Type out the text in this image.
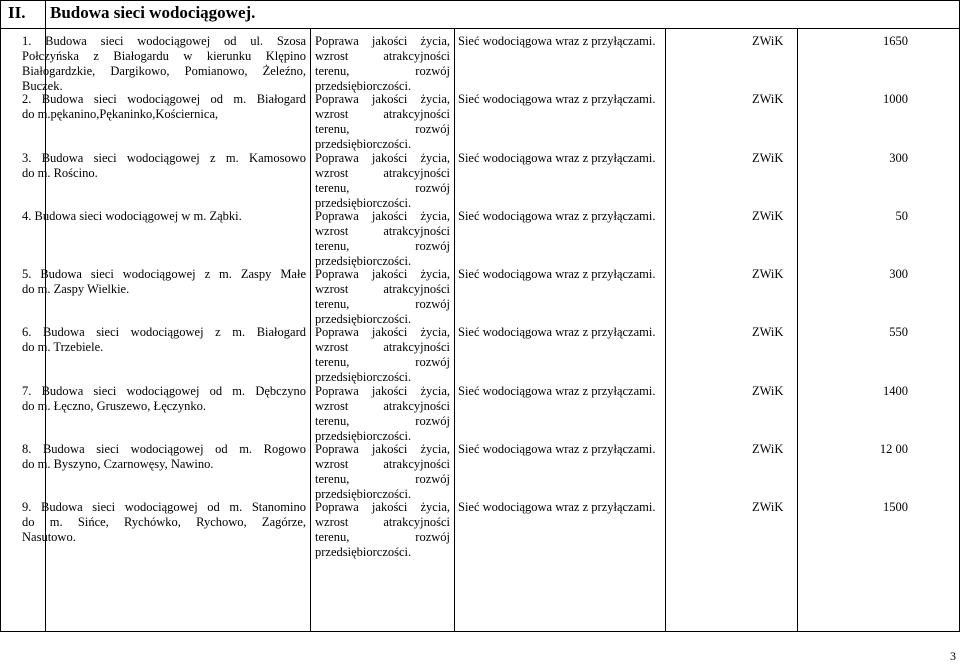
II. Budowa sieci wodociągowej.
1. Budowa sieci wodociągowej od ul. Szosa
Połczyńska z Białogardu w kierunku Klępino
Białogardzkie, Dargikowo, Pomianowo, Żeleźno,
Buczek.
Poprawa jakości życia,
wzrost atrakcyjności
terenu, rozwój
przedsiębiorczości.
Sieć wodociągowa wraz z przyłączami.	ZWiK	1650
2. Budowa sieci wodociągowej od m. Białogard
do m.pękanino,Pękaninko,Kościernica,
Poprawa jakości życia,
wzrost atrakcyjności
terenu, rozwój
przedsiębiorczości.
Sieć wodociągowa wraz z przyłączami.	ZWiK	1000
3. Budowa sieci wodociągowej z m. Kamosowo
do m. Rościno.
Poprawa jakości życia,
wzrost atrakcyjności
terenu, rozwój
przedsiębiorczości.
Sieć wodociągowa wraz z przyłączami.	ZWiK	300
4. Budowa sieci wodociągowej w m. Ząbki.	Poprawa jakości życia,
wzrost atrakcyjności
terenu, rozwój
przedsiębiorczości.
Sieć wodociągowa wraz z przyłączami.	ZWiK	50
5. Budowa sieci wodociągowej z m. Zaspy Małe
do m. Zaspy Wielkie.
Poprawa jakości życia,
wzrost atrakcyjności
terenu, rozwój
przedsiębiorczości.
Sieć wodociągowa wraz z przyłączami.	ZWiK	300
6. Budowa sieci wodociągowej z m. Białogard
do m. Trzebiele.
Poprawa jakości życia,
wzrost atrakcyjności
terenu, rozwój
przedsiębiorczości.
Sieć wodociągowa wraz z przyłączami.	ZWiK	550
7. Budowa sieci wodociągowej od m. Dębczyno
do m. Łęczno, Gruszewo, Łęczynko.
Poprawa jakości życia,
wzrost atrakcyjności
terenu, rozwój
przedsiębiorczości.
Sieć wodociągowa wraz z przyłączami.	ZWiK	1400
8. Budowa sieci wodociągowej od m. Rogowo
do m. Byszyno, Czarnowęsy, Nawino.
Poprawa jakości życia,
wzrost atrakcyjności
terenu, rozwój
przedsiębiorczości.
Sieć wodociągowa wraz z przyłączami.	ZWiK	12 00
9. Budowa sieci wodociągowej od m. Stanomino
do m. Sińce, Rychówko, Rychowo, Zagórze,
Nasutowo.
Poprawa jakości życia,
wzrost atrakcyjności
terenu, rozwój
przedsiębiorczości.
Sieć wodociągowa wraz z przyłączami.	ZWiK	1500
3
